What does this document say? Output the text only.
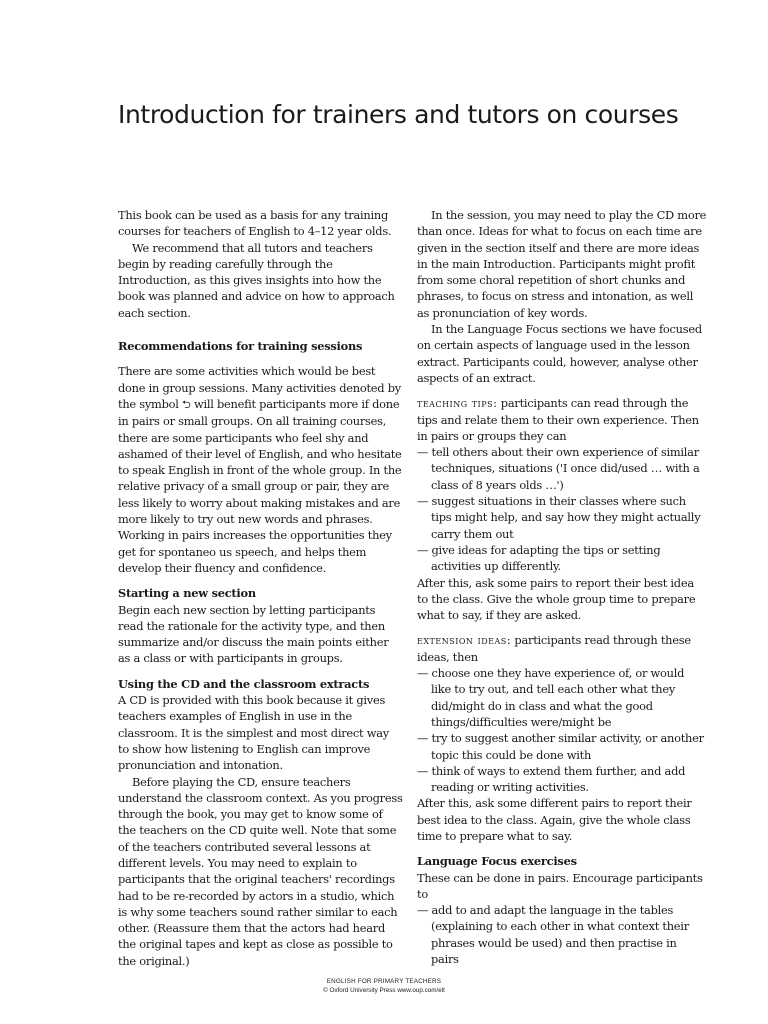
Introduction for trainers and tutors on courses

This book can be used as a basis for any training courses for teachers of English to 4–12 year olds.

We recommend that all tutors and teachers begin by reading carefully through the Introduction, as this gives insights into how the book was planned and advice on how to approach each section.

Recommendations for training sessions

There are some activities which would be best done in group sessions. Many activities denoted by the symbol ⮌ will benefit participants more if done in pairs or small groups. On all training courses, there are some participants who feel shy and ashamed of their level of English, and who hesitate to speak English in front of the whole group. In the relative privacy of a small group or pair, they are less likely to worry about making mistakes and are more likely to try out new words and phrases. Working in pairs increases the opportunities they get for spontaneo us speech, and helps them develop their fluency and confidence.

Starting a new section

Begin each new section by letting participants read the rationale for the activity type, and then summarize and/or discuss the main points either as a class or with participants in groups.

Using the CD and the classroom extracts

A CD is provided with this book because it gives teachers examples of English in use in the classroom. It is the simplest and most direct way to show how listening to English can improve pronunciation and intonation.

Before playing the CD, ensure teachers understand the classroom context. As you progress through the book, you may get to know some of the teachers on the CD quite well. Note that some of the teachers contributed several lessons at different levels. You may need to explain to participants that the original teachers' recordings had to be re-recorded by actors in a studio, which is why some teachers sound rather similar to each other. (Reassure them that the actors had heard the original tapes and kept as close as possible to the original.)

In the session, you may need to play the CD more than once. Ideas for what to focus on each time are given in the section itself and there are more ideas in the main Introduction. Participants might profit from some choral repetition of short chunks and phrases, to focus on stress and intonation, as well as pronunciation of key words.

In the Language Focus sections we have focused on certain aspects of language used in the lesson extract. Participants could, however, analyse other aspects of an extract.

teaching tips: participants can read through the tips and relate them to their own experience. Then in pairs or groups they can

— tell others about their own experience of similar techniques, situations ('I once did/used … with a class of 8 years olds …')

— suggest situations in their classes where such tips might help, and say how they might actually carry them out

— give ideas for adapting the tips or setting activities up differently.

After this, ask some pairs to report their best idea to the class. Give the whole group time to prepare what to say, if they are asked.

extension ideas: participants read through these ideas, then

— choose one they have experience of, or would like to try out, and tell each other what they did/might do in class and what the good things/difficulties were/might be

— try to suggest another similar activity, or another topic this could be done with

— think of ways to extend them further, and add reading or writing activities.

After this, ask some different pairs to report their best idea to the class. Again, give the whole class time to prepare what to say.

Language Focus exercises

These can be done in pairs. Encourage participants to

— add to and adapt the language in the tables (explaining to each other in what context their phrases would be used) and then practise in pairs

ENGLISH FOR PRIMARY TEACHERS
© Oxford University Press www.oup.com/elt
